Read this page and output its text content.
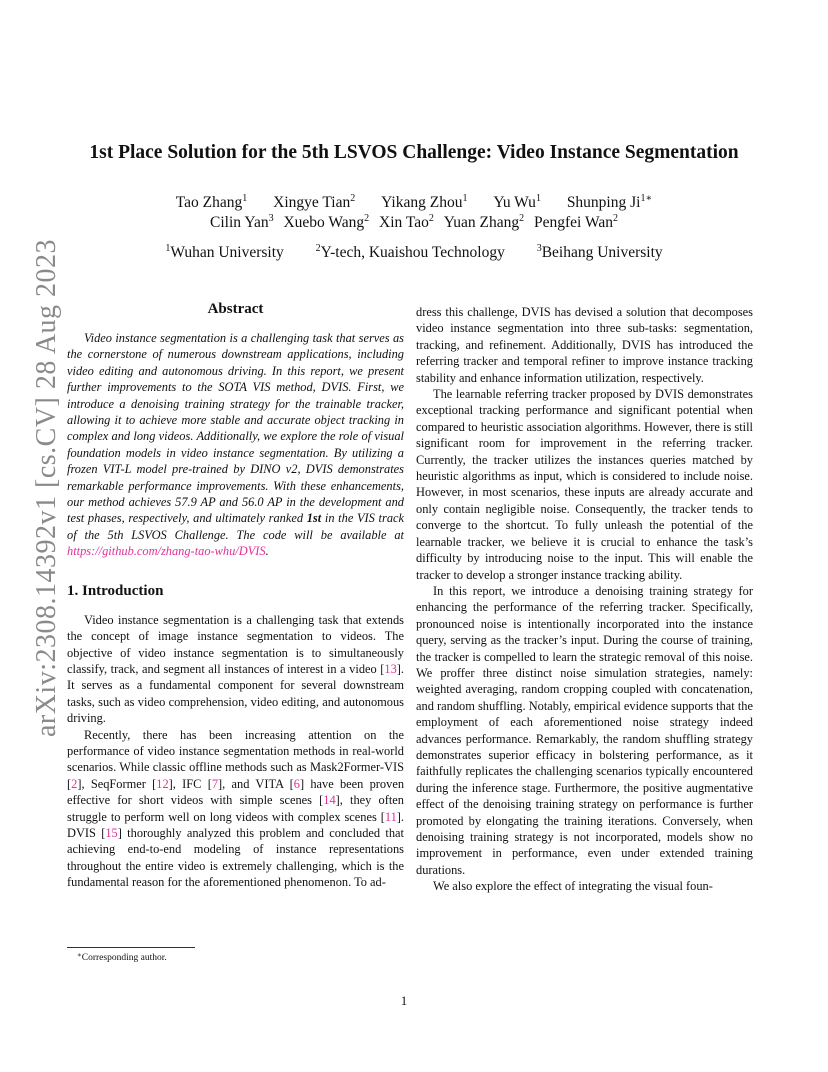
arXiv:2308.14392v1 [cs.CV] 28 Aug 2023
1st Place Solution for the 5th LSVOS Challenge: Video Instance Segmentation
Tao Zhang$^1$ Xingye Tian$^2$ Yikang Zhou$^1$ Yu Wu$^1$ Shunping $Ji^{1∗}$
Cilin Yan$^3$ Xuebo Wang$^2$ Xin Tao$^2$ Yuan Zhang$^2$ Pengfei Wan$^2$
$^1$Wuhan University	$^2$Y-tech, Kuaishou Technology	$^3$Beihang University
Abstract

Video instance segmentation is a challenging task that serves as the cornerstone of numerous downstream applications, including video editing and autonomous driving. In this report, we present further improvements to the SOTA VIS method, DVIS. First, we introduce a denoising training strategy for the trainable tracker, allowing it to achieve more stable and accurate object tracking in complex and long videos. Additionally, we explore the role of visual foundation models in video instance segmentation. By utilizing a frozen VIT-L model pre-trained by DINO v2, DVIS demonstrates remarkable performance improvements. With these enhancements, our method achieves 57.9 AP and 56.0 AP in the development and test phases, respectively, and ultimately ranked 1st in the VIS track of the 5th LSVOS Challenge. The code will be available at https://github.com/zhang-tao-whu/DVIS.

1. Introduction

Video instance segmentation is a challenging task that extends the concept of image instance segmentation to videos. The objective of video instance segmentation is to simultaneously classify, track, and segment all instances of interest in a video [13]. It serves as a fundamental component for several downstream tasks, such as video comprehension, video editing, and autonomous driving.

Recently, there has been increasing attention on the performance of video instance segmentation methods in real-world scenarios. While classic offline methods such as Mask2Former-VIS [2], SeqFormer [12], IFC [7], and VITA [6] have been proven effective for short videos with simple scenes [14], they often struggle to perform well on long videos with complex scenes [11]. DVIS [15] thoroughly analyzed this problem and concluded that achieving end-to-end modeling of instance representations throughout the entire video is extremely challenging, which is the fundamental reason for the aforementioned phenomenon. To ad-

dress this challenge, DVIS has devised a solution that decomposes video instance segmentation into three sub-tasks: segmentation, tracking, and refinement. Additionally, DVIS has introduced the referring tracker and temporal refiner to improve instance tracking stability and enhance information utilization, respectively.

The learnable referring tracker proposed by DVIS demonstrates exceptional tracking performance and significant potential when compared to heuristic association algorithms. However, there is still significant room for improvement in the referring tracker. Currently, the tracker utilizes the instances queries matched by heuristic algorithms as input, which is considered to include noise. However, in most scenarios, these inputs are already accurate and only contain negligible noise. Consequently, the tracker tends to converge to the shortcut. To fully unleash the potential of the learnable tracker, we believe it is crucial to enhance the task’s difficulty by introducing noise to the input. This will enable the tracker to develop a stronger instance tracking ability.

In this report, we introduce a denoising training strategy for enhancing the performance of the referring tracker. Specifically, pronounced noise is intentionally incorporated into the instance query, serving as the tracker’s input. During the course of training, the tracker is compelled to learn the strategic removal of this noise. We proffer three distinct noise simulation strategies, namely: weighted averaging, random cropping coupled with concatenation, and random shuffling. Notably, empirical evidence supports that the employment of each aforementioned noise strategy indeed advances performance. Remarkably, the random shuffling strategy demonstrates superior efficacy in bolstering performance, as it faithfully replicates the challenging scenarios typically encountered during the inference stage. Furthermore, the positive augmentative effect of the denoising training strategy on performance is further promoted by elongating the training iterations. Conversely, when denoising training strategy is not incorporated, models show no improvement in performance, even under extended training durations.

We also explore the effect of integrating the visual foun-

∗Corresponding author.
1
